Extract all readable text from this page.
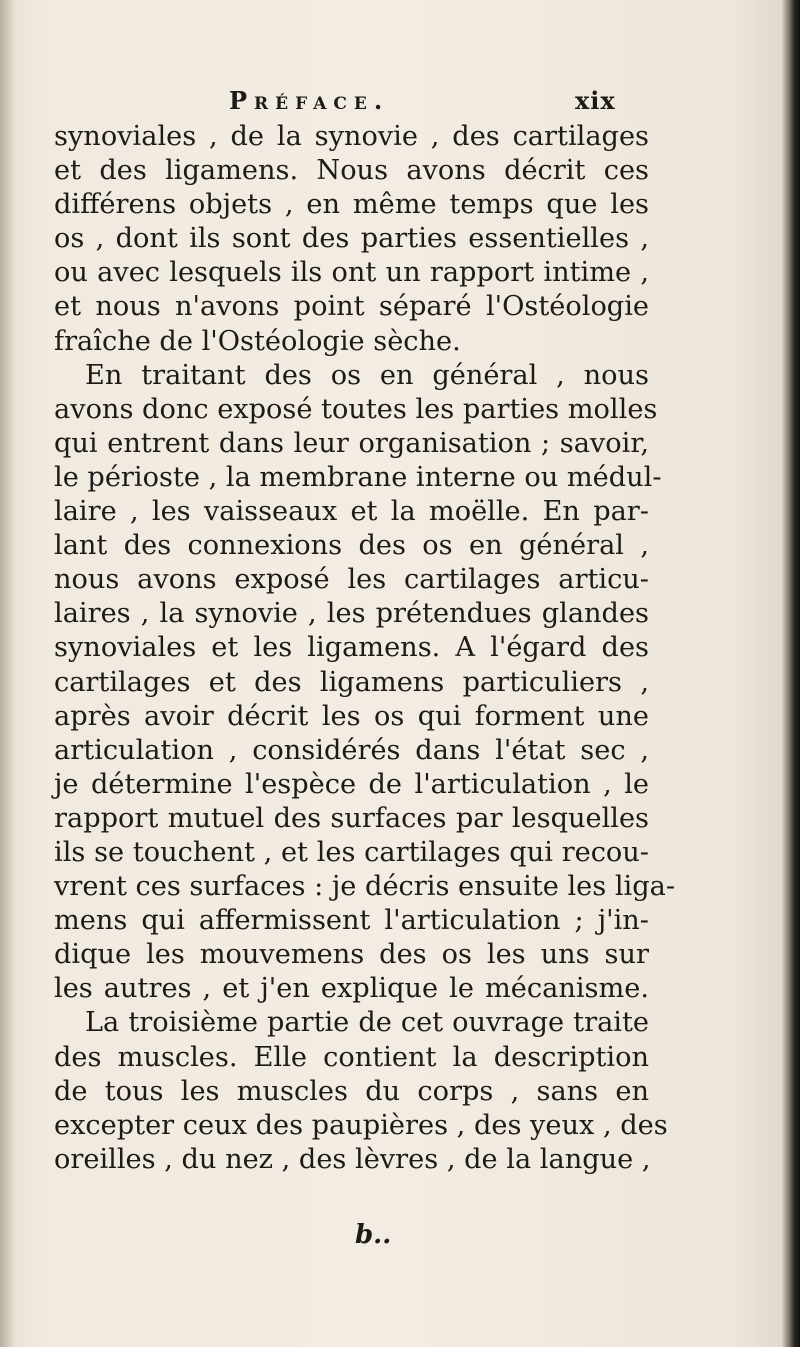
Préface.	xix
synoviales , de la synovie , des cartilages
et des ligamens. Nous avons décrit ces
différens objets , en même temps que les
os , dont ils sont des parties essentielles ,
ou avec lesquels ils ont un rapport intime ,
et nous n'avons point séparé l'Ostéologie
fraîche de l'Ostéologie sèche.
En traitant des os en général , nous
avons donc exposé toutes les parties molles
qui entrent dans leur organisation ; savoir,
le périoste , la membrane interne ou médul-
laire , les vaisseaux et la moëlle. En par-
lant des connexions des os en général ,
nous avons exposé les cartilages articu-
laires , la synovie , les prétendues glandes
synoviales et les ligamens. A l'égard des
cartilages et des ligamens particuliers ,
après avoir décrit les os qui forment une
articulation , considérés dans l'état sec ,
je détermine l'espèce de l'articulation , le
rapport mutuel des surfaces par lesquelles
ils se touchent , et les cartilages qui recou-
vrent ces surfaces : je décris ensuite les liga-
mens qui affermissent l'articulation ; j'in-
dique les mouvemens des os les uns sur
les autres , et j'en explique le mécanisme.
La troisième partie de cet ouvrage traite
des muscles. Elle contient la description
de tous les muscles du corps , sans en
excepter ceux des paupières , des yeux , des
oreilles , du nez , des lèvres , de la langue ,
b..
